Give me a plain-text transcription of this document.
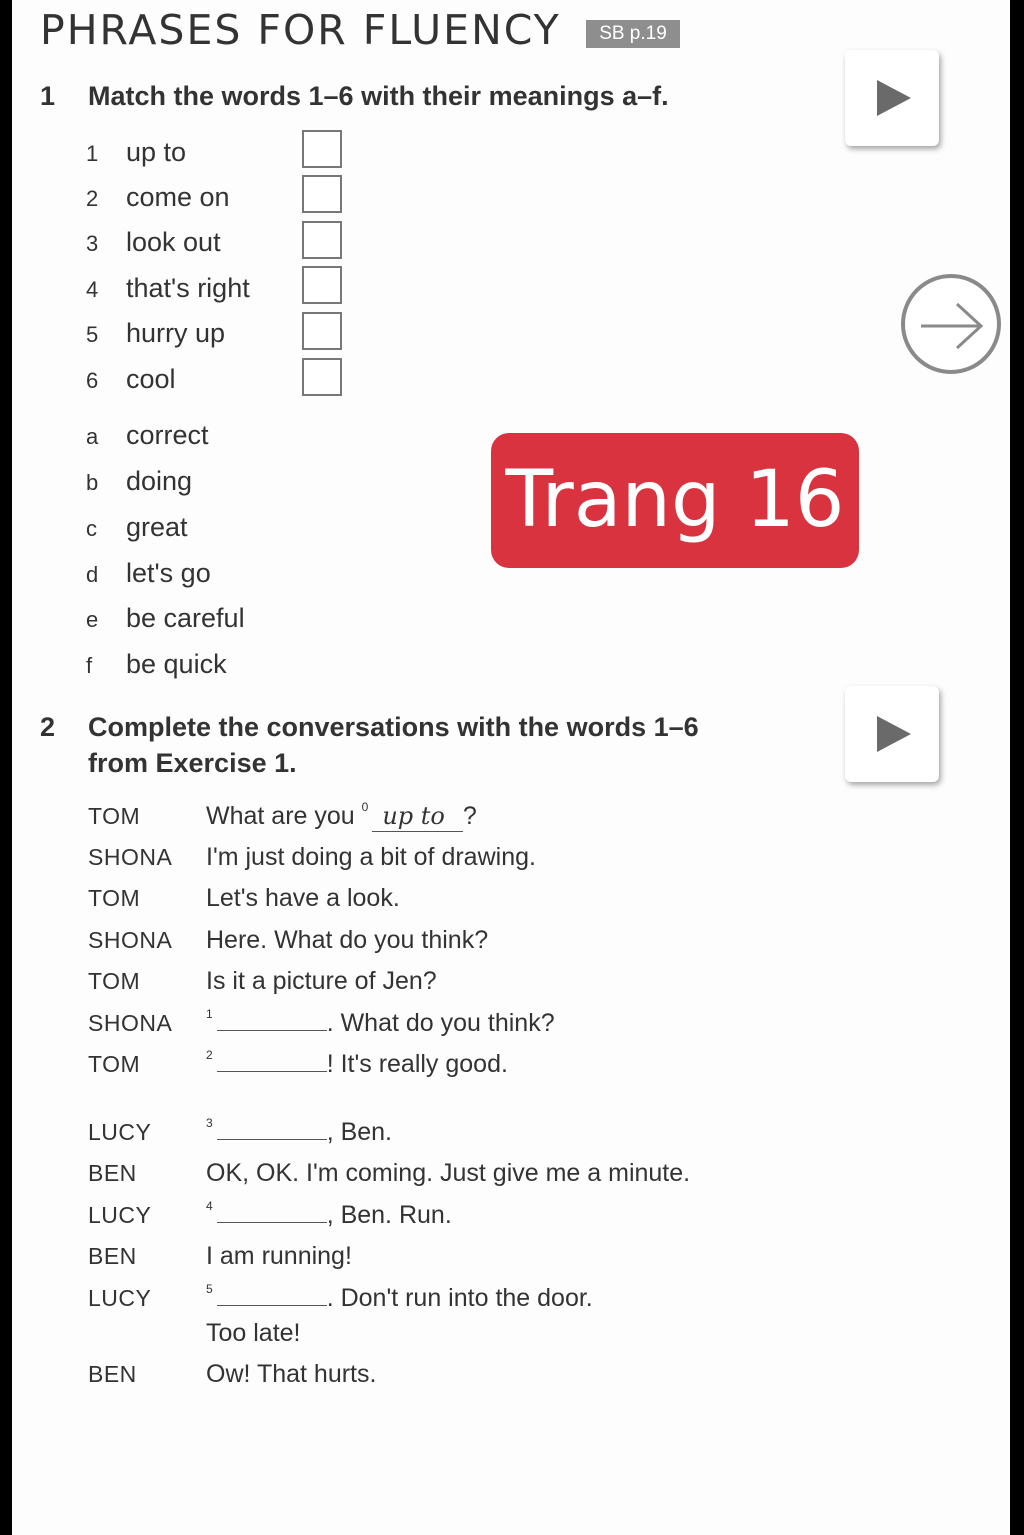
PHRASES FOR FLUENCY	SB p.19
1 Match the words 1–6 with their meanings a–f.
1 up to
2 come on
3 look out
4 that's right
5 hurry up
6 cool
a correct
b doing
c great
d let's go
e be careful
f be quick
Trang 16
2 Complete the conversations with the words 1–6
from Exercise 1.
TOM	What are you $^0$ up to ?
SHONA I'm just doing a bit of drawing.
TOM	Let's have a look.
SHONA Here. What do you think?
TOM	Is it a picture of Jen?
SHONA	$^1$	. What do you think?
TOM	$^2$	! It's really good.
LUCY	$^3$	, Ben.
BEN	OK, OK. I'm coming. Just give me a minute.
LUCY	$^4$	, Ben. Run.
BEN	I am running!
LUCY	$^5$	. Don't run into the door.
Too late!
BEN	Ow! That hurts.
